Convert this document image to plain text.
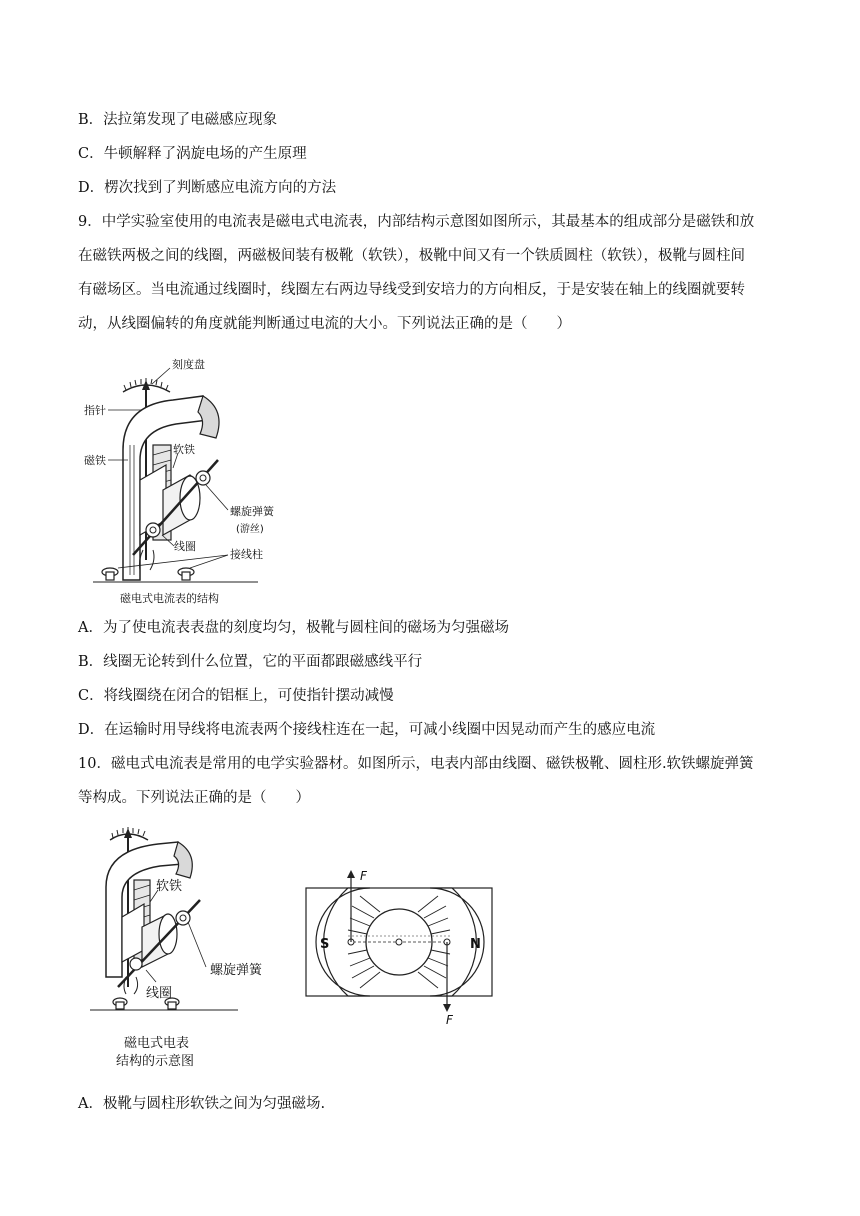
B．法拉第发现了电磁感应现象
C．牛顿解释了涡旋电场的产生原理
D．楞次找到了判断感应电流方向的方法
9．中学实验室使用的电流表是磁电式电流表，内部结构示意图如图所示，其最基本的组成部分是磁铁和放
在磁铁两极之间的线圈，两磁极间装有极靴（软铁），极靴中间又有一个铁质圆柱（软铁），极靴与圆柱间
有磁场区。当电流通过线圈时，线圈左右两边导线受到安培力的方向相反，于是安装在轴上的线圈就要转
动，从线圈偏转的角度就能判断通过电流的大小。下列说法正确的是（　　）
刻度盘
指针
磁铁
软铁
螺旋弹簧
(游丝)
线圈
接线柱
磁电式电流表的结构
A．为了使电流表表盘的刻度均匀，极靴与圆柱间的磁场为匀强磁场
B．线圈无论转到什么位置，它的平面都跟磁感线平行
C．将线圈绕在闭合的铝框上，可使指针摆动减慢
D．在运输时用导线将电流表两个接线柱连在一起，可减小线圈中因晃动而产生的感应电流
10．磁电式电流表是常用的电学实验器材。如图所示，电表内部由线圈、磁铁极靴、圆柱形.软铁螺旋弹簧
等构成。下列说法正确的是（　　）
软铁
螺旋弹簧
线圈
磁电式电表
结构的示意图
S	N
F
F
A．极靴与圆柱形软铁之间为匀强磁场.
